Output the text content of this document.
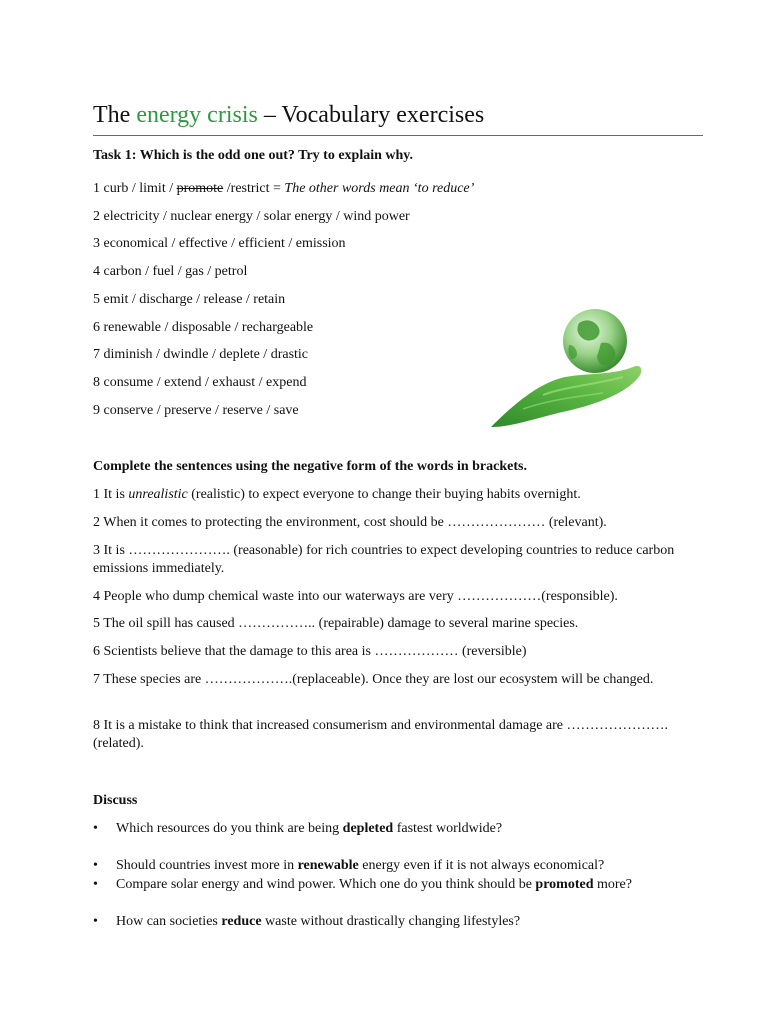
The energy crisis – Vocabulary exercises
Task 1: Which is the odd one out? Try to explain why.
1 curb / limit / promote /restrict = The other words mean ‘to reduce’
2 electricity / nuclear energy / solar energy / wind power
3 economical / effective / efficient / emission
4 carbon / fuel / gas / petrol
5 emit / discharge / release / retain
6 renewable / disposable / rechargeable
7 diminish / dwindle / deplete / drastic
8 consume / extend / exhaust / expend
9 conserve / preserve / reserve / save
Complete the sentences using the negative form of the words in brackets.
1 It is unrealistic (realistic) to expect everyone to change their buying habits overnight.
2 When it comes to protecting the environment, cost should be ………………… (relevant).
3 It is …………………. (reasonable) for rich countries to expect developing countries to reduce carbon emissions immediately.
4 People who dump chemical waste into our waterways are very ………………(responsible).
5 The oil spill has caused …………….. (repairable) damage to several marine species.
6 Scientists believe that the damage to this area is ……………… (reversible)
7 These species are ……………….(replaceable). Once they are lost our ecosystem will be changed.
8 It is a mistake to think that increased consumerism and environmental damage are ………………….(related).
Discuss
• Which resources do you think are being depleted fastest worldwide?
• Should countries invest more in renewable energy even if it is not always economical?
• Compare solar energy and wind power. Which one do you think should be promoted more?
• How can societies reduce waste without drastically changing lifestyles?
